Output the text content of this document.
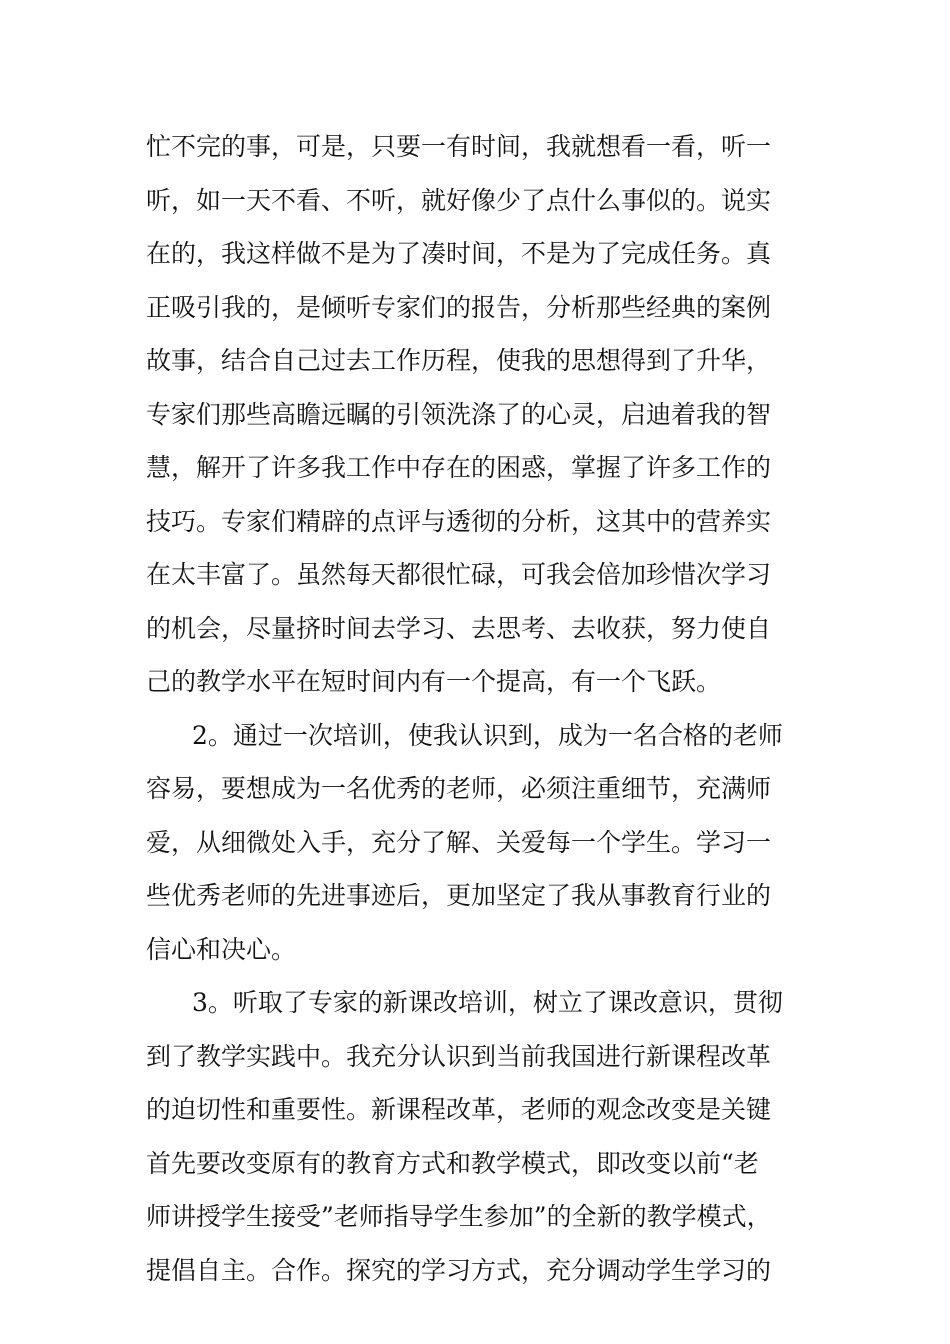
忙不完的事，可是，只要一有时间，我就想看一看，听一
听，如一天不看、不听，就好像少了点什么事似的。说实
在的，我这样做不是为了凑时间，不是为了完成任务。真
正吸引我的，是倾听专家们的报告，分析那些经典的案例
故事，结合自己过去工作历程，使我的思想得到了升华，
专家们那些高瞻远瞩的引领洗涤了的心灵，启迪着我的智
慧，解开了许多我工作中存在的困惑，掌握了许多工作的
技巧。专家们精辟的点评与透彻的分析，这其中的营养实
在太丰富了。虽然每天都很忙碌，可我会倍加珍惜次学习
的机会，尽量挤时间去学习、去思考、去收获，努力使自
己的教学水平在短时间内有一个提高，有一个飞跃。
2。通过一次培训，使我认识到，成为一名合格的老师
容易，要想成为一名优秀的老师，必须注重细节，充满师
爱，从细微处入手，充分了解、关爱每一个学生。学习一
些优秀老师的先进事迹后，更加坚定了我从事教育行业的
信心和决心。
3。听取了专家的新课改培训，树立了课改意识，贯彻
到了教学实践中。我充分认识到当前我国进行新课程改革
的迫切性和重要性。新课程改革，老师的观念改变是关键
首先要改变原有的教育方式和教学模式，即改变以前“老
师讲授学生接受”老师指导学生参加”的全新的教学模式，
提倡自主。合作。探究的学习方式，充分调动学生学习的
